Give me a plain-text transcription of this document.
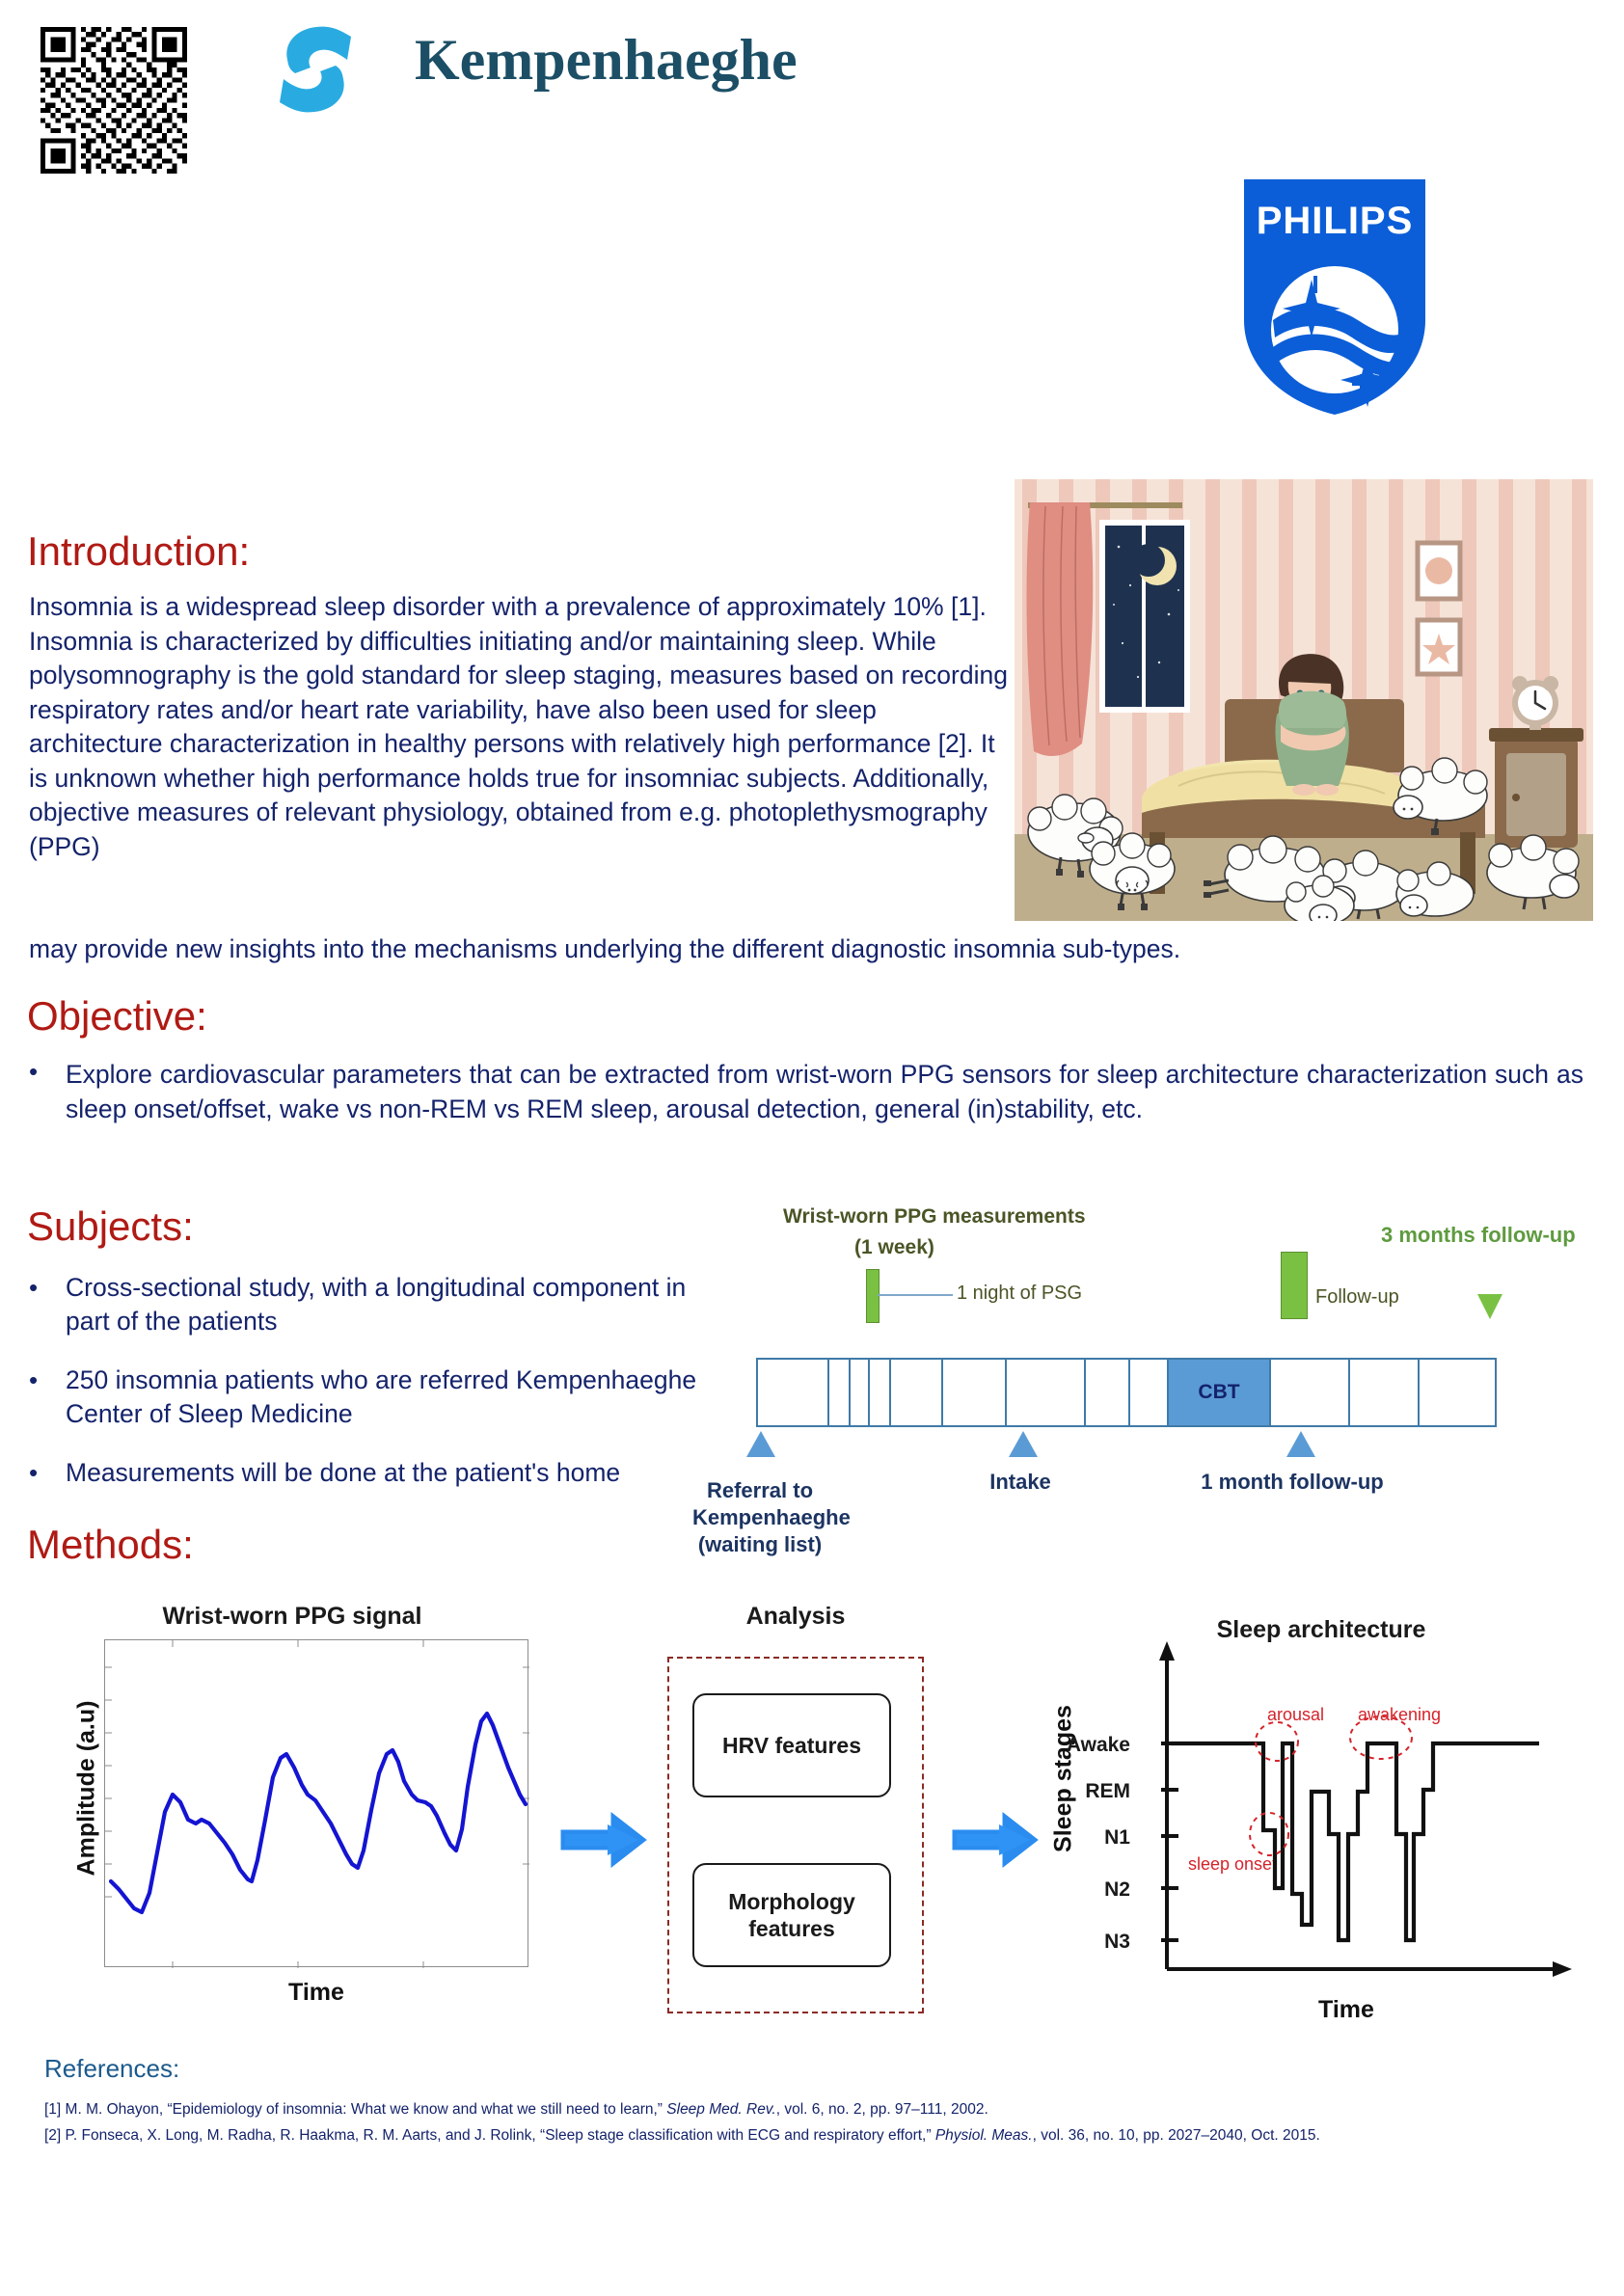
Kempenhaeghe
PHILIPS
Introduction:
Insomnia is a widespread sleep disorder with a prevalence of approximately 10% [1]. Insomnia is characterized by difficulties initiating and/or maintaining sleep. While polysomnography is the gold standard for sleep staging, measures based on recording respiratory rates and/or heart rate variability, have also been used for sleep architecture characterization in healthy persons with relatively high performance [2]. It is unknown whether high performance holds true for insomniac subjects. Additionally, objective measures of relevant physiology, obtained from e.g. photoplethysmography (PPG)
may provide new insights into the mechanisms underlying the different diagnostic insomnia sub-types.
Objective:
•	Explore cardiovascular parameters that can be extracted from wrist-worn PPG sensors for sleep architecture characterization such as sleep onset/offset, wake vs non-REM vs REM sleep, arousal detection, general (in)stability, etc.
Subjects:
•	Cross-sectional study, with a longitudinal component in part of the patients
•	250 insomnia patients who are referred Kempenhaeghe Center of Sleep Medicine
•	Measurements will be done at the patient's home
Wrist-worn PPG measurements
(1 week)
3 months follow-up
1 night of PSG	Follow-up
CBT
Referral to
Kempenhaeghe
(waiting list)
Intake	1 month follow-up
Methods:
Wrist-worn PPG signal
Amplitude (a.u)
Time
Analysis
HRV features
Morphology
features
Sleep architecture
Sleep stages
Awake
REM
N1
N2
N3
arousal awakening
sleep onset
Time
References:
[1] M. M. Ohayon, “Epidemiology of insomnia: What we know and what we still need to learn,” Sleep Med. Rev., vol. 6, no. 2, pp. 97–111, 2002.
[2] P. Fonseca, X. Long, M. Radha, R. Haakma, R. M. Aarts, and J. Rolink, “Sleep stage classification with ECG and respiratory effort,” Physiol. Meas., vol. 36, no. 10, pp. 2027–2040, Oct. 2015.
